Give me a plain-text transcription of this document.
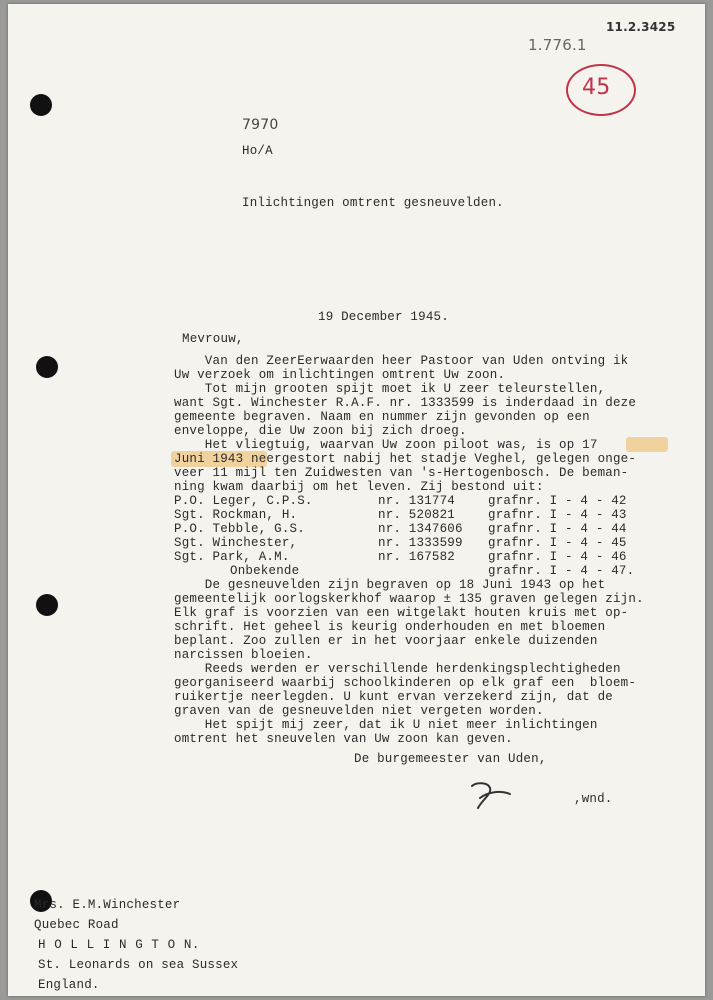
11.2.3425
1.776.1
45
7970
Ho/A
Inlichtingen omtrent gesneuvelden.
19 December 1945.
Mevrouw,
Van den ZeerEerwaarden heer Pastoor van Uden ontving ik
Uw verzoek om inlichtingen omtrent Uw zoon.
Tot mijn grooten spijt moet ik U zeer teleurstellen,
want Sgt. Winchester R.A.F. nr. 1333599 is inderdaad in deze
gemeente begraven. Naam en nummer zijn gevonden op een
enveloppe, die Uw zoon bij zich droeg.
Het vliegtuig, waarvan Uw zoon piloot was, is op 17
Juni 1943 neergestort nabij het stadje Veghel, gelegen onge-
veer 11 mijl ten Zuidwesten van 's-Hertogenbosch. De beman-
ning kwam daarbij om het leven. Zij bestond uit:
P.O. Leger, C.P.S.	nr. 131774	grafnr. I - 4 - 42
Sgt. Rockman, H.	nr. 520821	grafnr. I - 4 - 43
P.O. Tebble, G.S.	nr. 1347606 grafnr. I - 4 - 44
Sgt. Winchester,	nr. 1333599 grafnr. I - 4 - 45
Sgt. Park, A.M.	nr. 167582	grafnr. I - 4 - 46
Onbekende	grafnr. I - 4 - 47.
De gesneuvelden zijn begraven op 18 Juni 1943 op het
gemeentelijk oorlogskerkhof waarop ± 135 graven gelegen zijn.
Elk graf is voorzien van een witgelakt houten kruis met op-
schrift. Het geheel is keurig onderhouden en met bloemen
beplant. Zoo zullen er in het voorjaar enkele duizenden
narcissen bloeien.
Reeds werden er verschillende herdenkingsplechtigheden
georganiseerd waarbij schoolkinderen op elk graf een  bloem-
ruikertje neerlegden. U kunt ervan verzekerd zijn, dat de
graven van de gesneuvelden niet vergeten worden.
Het spijt mij zeer, dat ik U niet meer inlichtingen
omtrent het sneuvelen van Uw zoon kan geven.
De burgemeester van Uden,
,wnd.
Mrs. E.M.Winchester
Quebec Road
H O L L I N G T O N.
St. Leonards on sea Sussex
England.
